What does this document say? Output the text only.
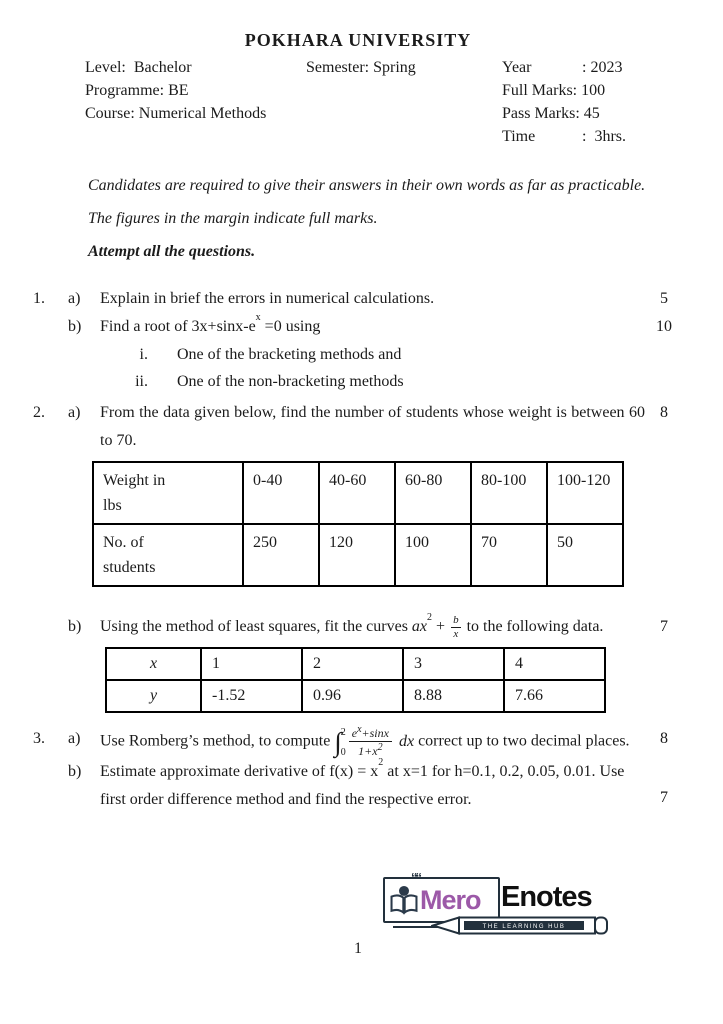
POKHARA UNIVERSITY
Level:  Bachelor
Programme: BE
Course: Numerical Methods
Semester: Spring	Year	: 2023
Full Marks: 100
Pass Marks: 45
Time	:  3hrs.
Candidates are required to give their answers in their own words as far as practicable.
The figures in the margin indicate full marks.
Attempt all the questions.
1.	a)	Explain in brief the errors in numerical calculations.	5
b)	Find a root of $3x+\sin x-e^x =0$ using	10
i. One of the bracketing methods and
ii. One of the non-bracketing methods
2.	a)	From the data given below, find the number of students whose weight is between 60 to 70.
8
Weight in lbs	0-40	40-60	60-80	80-100	100-120
No. of students	250	120	100	70	50
b)	Using the method of least squares, fit the curves $ax^2 + \frac{b}{x}$ to the following data.	7
x	1	2	3	4
y	-1.52	0.96	8.88	7.66
3.	a)	Use Romberg’s method, to compute ∫ 2
$0 \frac{e^x+\sin x}{1+x^2}$ dx correct up to two decimal places.	8
b)	Estimate approximate derivative of $f(x) = x^2$ at x=1 for h=0.1, 0.2, 0.05, 0.01. Use first order difference method and find the respective error.	7
““
Mero Enotes
THE LEARNING HUB
1
